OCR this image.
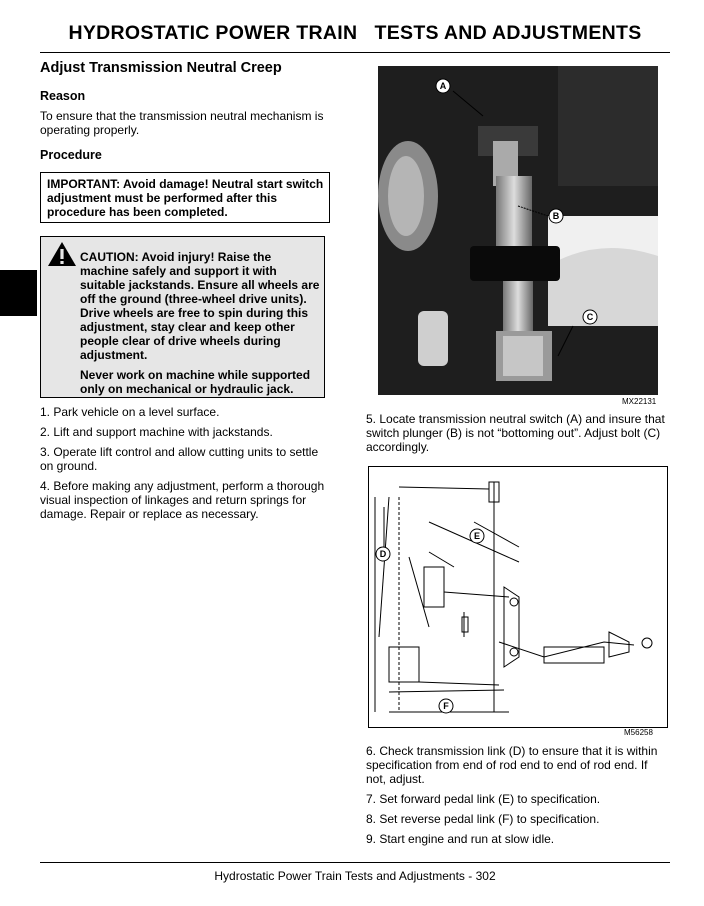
HYDROSTATIC POWER TRAIN   TESTS AND ADJUSTMENTS
Adjust Transmission Neutral Creep
Reason
To ensure that the transmission neutral mechanism is operating properly.
Procedure
IMPORTANT: Avoid damage! Neutral start switch adjustment must be performed after this procedure has been completed.

CAUTION: Avoid injury! Raise the machine safely and support it with suitable jackstands. Ensure all wheels are off the ground (three-wheel drive units). Drive wheels are free to spin during this adjustment, stay clear and keep other people clear of drive wheels during adjustment.

Never work on machine while supported only on mechanical or hydraulic jack.

1. Park vehicle on a level surface.
2. Lift and support machine with jackstands.
3. Operate lift control and allow cutting units to settle on ground.
4. Before making any adjustment, perform a thorough visual inspection of linkages and return springs for damage. Repair or replace as necessary.
A
B
C
MX22131
5. Locate transmission neutral switch (A) and insure that switch plunger (B) is not “bottoming out”. Adjust bolt (C) accordingly.
D
E
F
M56258
6. Check transmission link (D) to ensure that it is within specification from end of rod end to end of rod end. If not, adjust.
7. Set forward pedal link (E) to specification.
8. Set reverse pedal link (F) to specification.
9. Start engine and run at slow idle.
Hydrostatic Power Train Tests and Adjustments - 302
